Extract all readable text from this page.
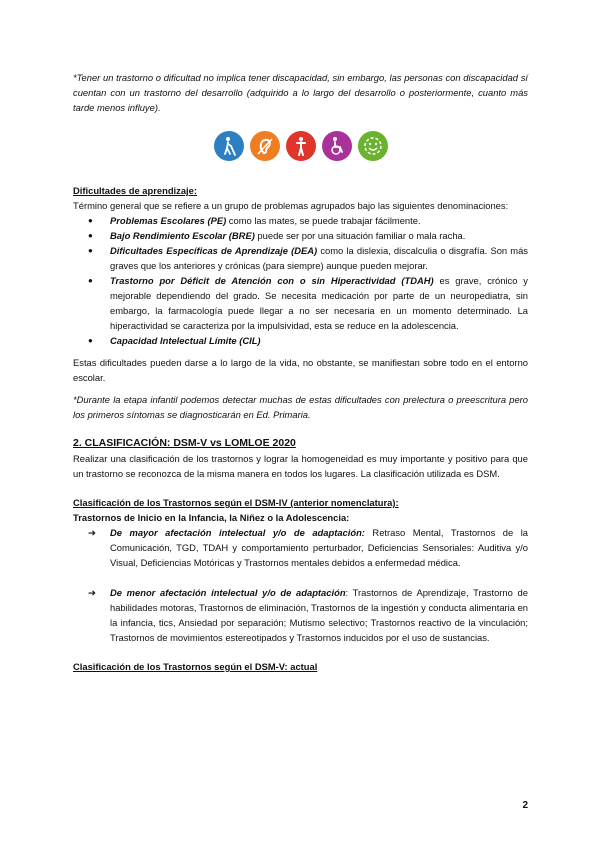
*Tener un trastorno o dificultad no implica tener discapacidad, sin embargo, las personas con discapacidad sí cuentan con un trastorno del desarrollo (adquirido a lo largo del desarrollo o posteriormente, cuanto más tarde menos influye).

Dificultades de aprendizaje:

Término general que se refiere a un grupo de problemas agrupados bajo las siguientes denominaciones:

● Problemas Escolares (PE) como las mates, se puede trabajar fácilmente.
● Bajo Rendimiento Escolar (BRE) puede ser por una situación familiar o mala racha.
● Dificultades Específicas de Aprendizaje (DEA) como la dislexia, discalculia o disgrafía. Son más graves que los anteriores y crónicas (para siempre) aunque pueden mejorar.
● Trastorno por Déficit de Atención con o sin Hiperactividad (TDAH) es grave, crónico y mejorable dependiendo del grado. Se necesita medicación por parte de un neuropediatra, sin embargo, la farmacología puede llegar a no ser necesaria en un momento determinado. La hiperactividad se caracteriza por la impulsividad, esta se reduce en la adolescencia.
● Capacidad Intelectual Límite (CIL)

Estas dificultades pueden darse a lo largo de la vida, no obstante, se manifiestan sobre todo en el entorno escolar.

*Durante la etapa infantil podemos detectar muchas de estas dificultades con prelectura o preescritura pero los primeros síntomas se diagnosticarán en Ed. Primaria.

2. CLASIFICACIÓN: DSM-V vs LOMLOE 2020

Realizar una clasificación de los trastornos y lograr la homogeneidad es muy importante y positivo para que un trastorno se reconozca de la misma manera en todos los lugares. La clasificación utilizada es DSM.

Clasificación de los Trastornos según el DSM-IV (anterior nomenclatura):

Trastornos de Inicio en la Infancia, la Niñez o la Adolescencia:

➔ De mayor afectación intelectual y/o de adaptación: Retraso Mental, Trastornos de la Comunicación, TGD, TDAH y comportamiento perturbador, Deficiencias Sensoriales: Auditiva y/o Visual, Deficiencias Motóricas y Trastornos mentales debidos a enfermedad médica.
➔ De menor afectación intelectual y/o de adaptación: Trastornos de Aprendizaje, Trastorno de habilidades motoras, Trastornos de eliminación, Trastornos de la ingestión y conducta alimentaria en la infancia, tics, Ansiedad por separación; Mutismo selectivo; Trastornos reactivo de la vinculación; Trastornos de movimientos estereotipados y Trastornos inducidos por el uso de sustancias.

Clasificación de los Trastornos según el DSM-V: actual

2
